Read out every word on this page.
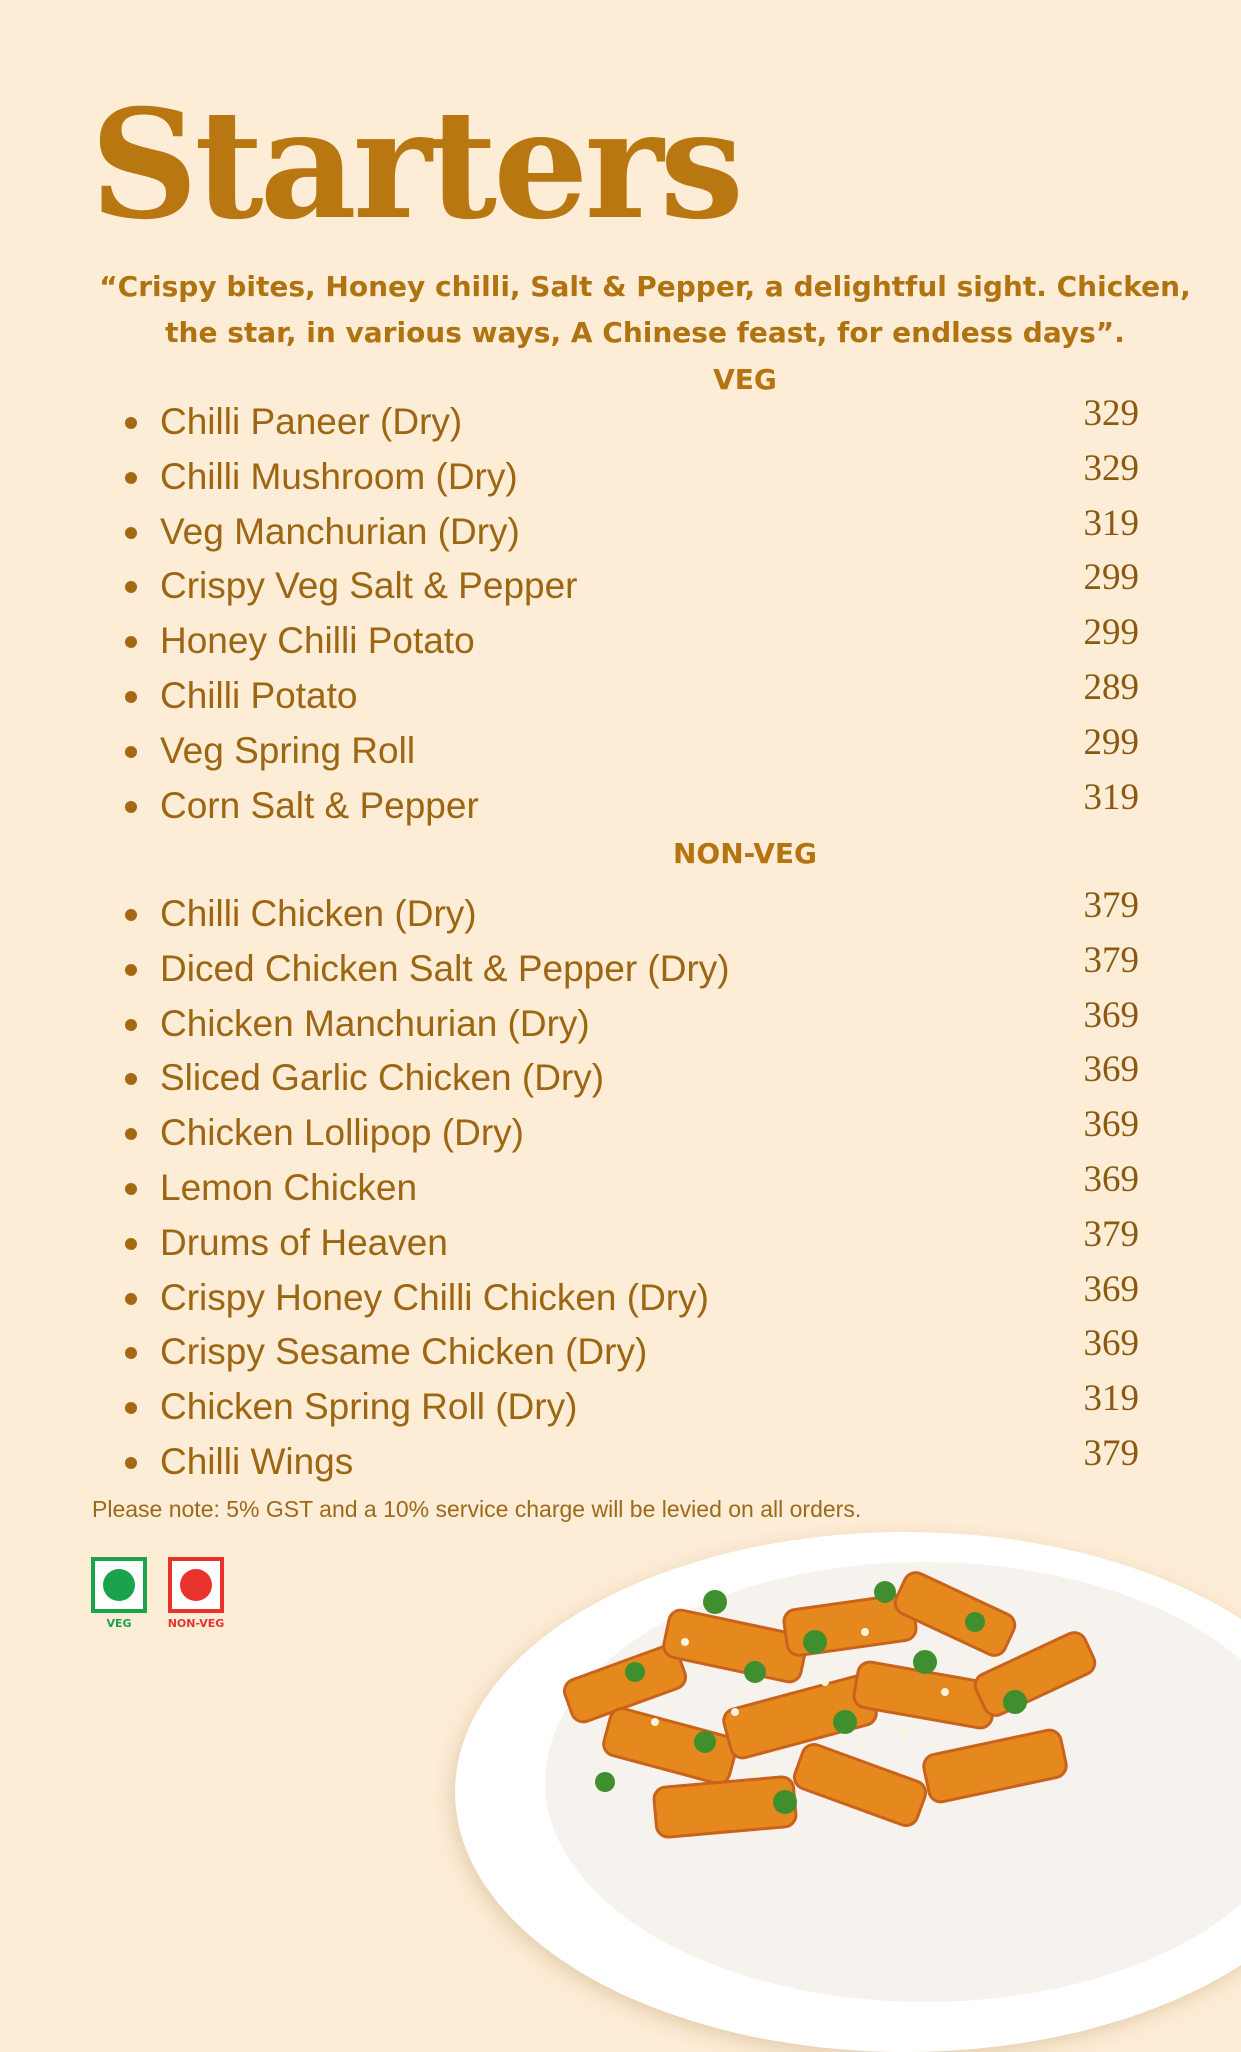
Starters
“Crispy bites, Honey chilli, Salt & Pepper, a delightful sight. Chicken, the star, in various ways, A Chinese feast, for endless days”.
VEG
Chilli Paneer (Dry)	329
Chilli Mushroom (Dry)	329
Veg Manchurian (Dry)	319
Crispy Veg Salt & Pepper	299
Honey Chilli Potato	299
Chilli Potato	289
Veg Spring Roll	299
Corn Salt & Pepper	319
NON-VEG
Chilli Chicken (Dry)	379
Diced Chicken Salt & Pepper (Dry)	379
Chicken Manchurian (Dry)	369
Sliced Garlic Chicken (Dry)	369
Chicken Lollipop (Dry)	369
Lemon Chicken	369
Drums of Heaven	379
Crispy Honey Chilli Chicken (Dry)	369
Crispy Sesame Chicken (Dry)	369
Chicken Spring Roll (Dry)	319
Chilli Wings	379
Please note: 5% GST and a 10% service charge will be levied on all orders.
VEG	NON-VEG
